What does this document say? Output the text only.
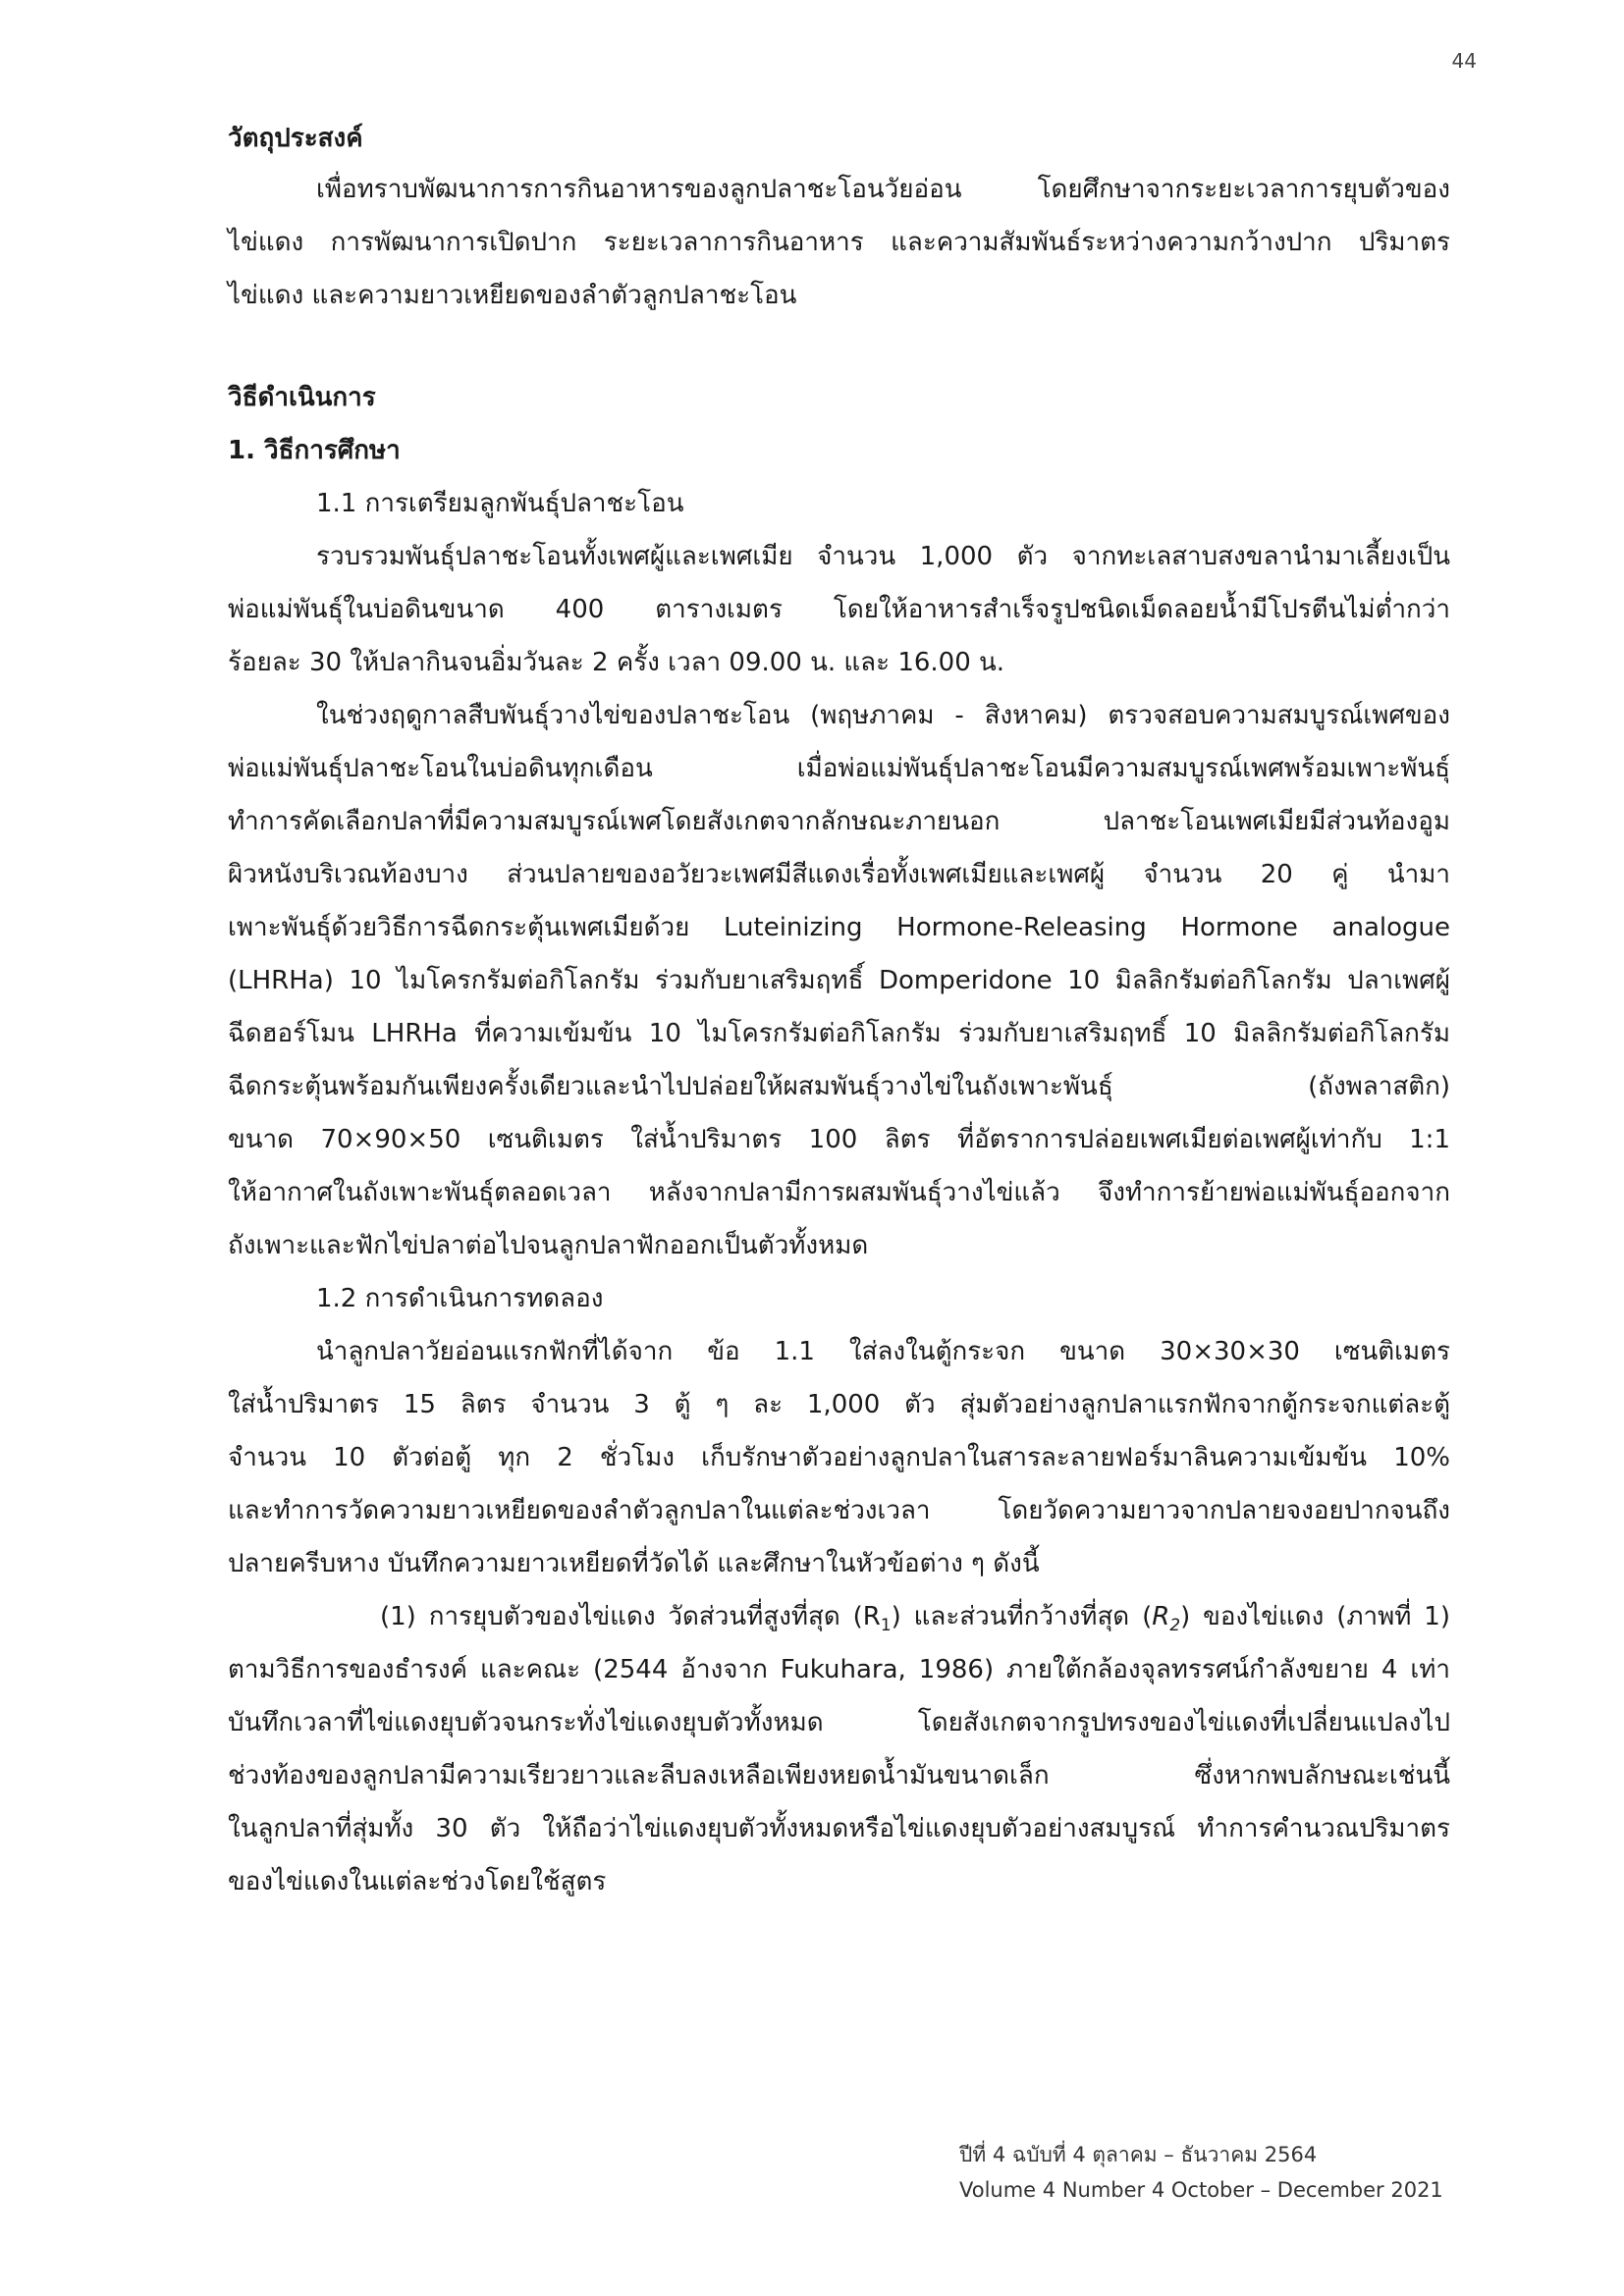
44
วัตถุประสงค์
เพื่อทราบพัฒนาการการกินอาหารของลูกปลาชะโอนวัยอ่อน โดยศึกษาจากระยะเวลาการยุบตัวของ
ไข่แดง การพัฒนาการเปิดปาก ระยะเวลาการกินอาหาร และความสัมพันธ์ระหว่างความกว้างปาก ปริมาตร
ไข่แดง และความยาวเหยียดของลำตัวลูกปลาชะโอน
วิธีดำเนินการ
1. วิธีการศึกษา
1.1 การเตรียมลูกพันธุ์ปลาชะโอน
รวบรวมพันธุ์ปลาชะโอนทั้งเพศผู้และเพศเมีย จำนวน 1,000 ตัว จากทะเลสาบสงขลานำมาเลี้ยงเป็น
พ่อแม่พันธุ์ในบ่อดินขนาด 400 ตารางเมตร โดยให้อาหารสำเร็จรูปชนิดเม็ดลอยน้ำมีโปรตีนไม่ต่ำกว่า
ร้อยละ 30 ให้ปลากินจนอิ่มวันละ 2 ครั้ง เวลา 09.00 น. และ 16.00 น.
ในช่วงฤดูกาลสืบพันธุ์วางไข่ของปลาชะโอน (พฤษภาคม - สิงหาคม) ตรวจสอบความสมบูรณ์เพศของ
พ่อแม่พันธุ์ปลาชะโอนในบ่อดินทุกเดือน เมื่อพ่อแม่พันธุ์ปลาชะโอนมีความสมบูรณ์เพศพร้อมเพาะพันธุ์
ทำการคัดเลือกปลาที่มีความสมบูรณ์เพศโดยสังเกตจากลักษณะภายนอก ปลาชะโอนเพศเมียมีส่วนท้องอูม
ผิวหนังบริเวณท้องบาง ส่วนปลายของอวัยวะเพศมีสีแดงเรื่อทั้งเพศเมียและเพศผู้ จำนวน 20 คู่ นำมา
เพาะพันธุ์ด้วยวิธีการฉีดกระตุ้นเพศเมียด้วย Luteinizing Hormone-Releasing Hormone analogue
(LHRHa) 10 ไมโครกรัมต่อกิโลกรัม ร่วมกับยาเสริมฤทธิ์ Domperidone 10 มิลลิกรัมต่อกิโลกรัม ปลาเพศผู้
ฉีดฮอร์โมน LHRHa ที่ความเข้มข้น 10 ไมโครกรัมต่อกิโลกรัม ร่วมกับยาเสริมฤทธิ์ 10 มิลลิกรัมต่อกิโลกรัม
ฉีดกระตุ้นพร้อมกันเพียงครั้งเดียวและนำไปปล่อยให้ผสมพันธุ์วางไข่ในถังเพาะพันธุ์ (ถังพลาสติก)
ขนาด 70×90×50 เซนติเมตร ใส่น้ำปริมาตร 100 ลิตร ที่อัตราการปล่อยเพศเมียต่อเพศผู้เท่ากับ 1:1
ให้อากาศในถังเพาะพันธุ์ตลอดเวลา หลังจากปลามีการผสมพันธุ์วางไข่แล้ว จึงทำการย้ายพ่อแม่พันธุ์ออกจาก
ถังเพาะและฟักไข่ปลาต่อไปจนลูกปลาฟักออกเป็นตัวทั้งหมด
1.2 การดำเนินการทดลอง
นำลูกปลาวัยอ่อนแรกฟักที่ได้จาก ข้อ 1.1 ใส่ลงในตู้กระจก ขนาด 30×30×30 เซนติเมตร
ใส่น้ำปริมาตร 15 ลิตร จำนวน 3 ตู้ ๆ ละ 1,000 ตัว สุ่มตัวอย่างลูกปลาแรกฟักจากตู้กระจกแต่ละตู้
จำนวน 10 ตัวต่อตู้ ทุก 2 ชั่วโมง เก็บรักษาตัวอย่างลูกปลาในสารละลายฟอร์มาลินความเข้มข้น 10%
และทำการวัดความยาวเหยียดของลำตัวลูกปลาในแต่ละช่วงเวลา โดยวัดความยาวจากปลายจงอยปากจนถึง
ปลายครีบหาง บันทึกความยาวเหยียดที่วัดได้ และศึกษาในหัวข้อต่าง ๆ ดังนี้
(1) การยุบตัวของไข่แดง วัดส่วนที่สูงที่สุด $(R_1)$ และส่วนที่กว้างที่สุด $(R_2)$ ของไข่แดง (ภาพที่ 1)
ตามวิธีการของธำรงค์ และคณะ (2544 อ้างจาก Fukuhara, 1986) ภายใต้กล้องจุลทรรศน์กำลังขยาย 4 เท่า
บันทึกเวลาที่ไข่แดงยุบตัวจนกระทั่งไข่แดงยุบตัวทั้งหมด โดยสังเกตจากรูปทรงของไข่แดงที่เปลี่ยนแปลงไป
ช่วงท้องของลูกปลามีความเรียวยาวและลีบลงเหลือเพียงหยดน้ำมันขนาดเล็ก ซึ่งหากพบลักษณะเช่นนี้
ในลูกปลาที่สุ่มทั้ง 30 ตัว ให้ถือว่าไข่แดงยุบตัวทั้งหมดหรือไข่แดงยุบตัวอย่างสมบูรณ์ ทำการคำนวณปริมาตร
ของไข่แดงในแต่ละช่วงโดยใช้สูตร
ปีที่ 4 ฉบับที่ 4 ตุลาคม – ธันวาคม 2564
Volume 4 Number 4 October – December 2021
